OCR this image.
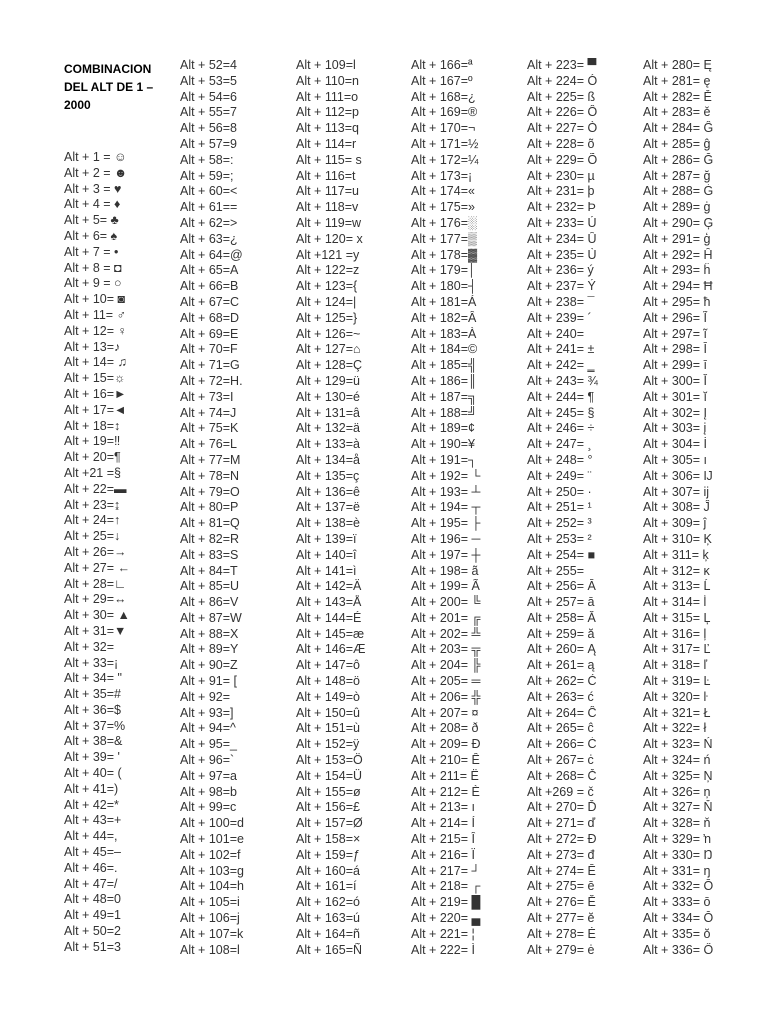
COMBINACION DEL ALT DE 1 – 2000
Alt + 1 = ☺
Alt + 2 = ☻
Alt + 3 = ♥
Alt + 4 = ♦
Alt + 5= ♣
Alt + 6= ♠
Alt + 7 = •
Alt + 8 = ◘
Alt + 9 = ○
Alt + 10= ◙
Alt + 11= ♂
Alt + 12= ♀
Alt + 13=♪
Alt + 14= ♫
Alt + 15=☼
Alt + 16=►
Alt + 17=◄
Alt + 18=↕
Alt + 19=‼
Alt + 20=¶
Alt +21 =§
Alt + 22=▬
Alt + 23=↨
Alt + 24=↑
Alt + 25=↓
Alt + 26=→
Alt + 27= ←
Alt + 28=∟
Alt + 29=↔
Alt + 30= ▲
Alt + 31=▼
Alt + 32=
Alt + 33=¡
Alt + 34= "
Alt + 35=#
Alt + 36=$
Alt + 37=%
Alt + 38=&
Alt + 39= '
Alt + 40= (
Alt + 41=)
Alt + 42=*
Alt + 43=+
Alt + 44=,
Alt + 45=–
Alt + 46=.
Alt + 47=/
Alt + 48=0
Alt + 49=1
Alt + 50=2
Alt + 51=3
Alt + 52=4
Alt + 53=5
Alt + 54=6
Alt + 55=7
Alt + 56=8
Alt + 57=9
Alt + 58=:
Alt + 59=;
Alt + 60=<
Alt + 61==
Alt + 62=>
Alt + 63=¿
Alt + 64=@
Alt + 65=A
Alt + 66=B
Alt + 67=C
Alt + 68=D
Alt + 69=E
Alt + 70=F
Alt + 71=G
Alt + 72=H.
Alt + 73=I
Alt + 74=J
Alt + 75=K
Alt + 76=L
Alt + 77=M
Alt + 78=N
Alt + 79=O
Alt + 80=P
Alt + 81=Q
Alt + 82=R
Alt + 83=S
Alt + 84=T
Alt + 85=U
Alt + 86=V
Alt + 87=W
Alt + 88=X
Alt + 89=Y
Alt + 90=Z
Alt + 91= [
Alt + 92=
Alt + 93=]
Alt + 94=^
Alt + 95=_
Alt + 96=`
Alt + 97=a
Alt + 98=b
Alt + 99=c
Alt + 100=d
Alt + 101=e
Alt + 102=f
Alt + 103=g
Alt + 104=h
Alt + 105=i
Alt + 106=j
Alt + 107=k
Alt + 108=l
Alt + 109=l
Alt + 110=n
Alt + 111=o
Alt + 112=p
Alt + 113=q
Alt + 114=r
Alt + 115= s
Alt + 116=t
Alt + 117=u
Alt + 118=v
Alt + 119=w
Alt + 120= x
Alt +121 =y
Alt + 122=z
Alt + 123={
Alt + 124=|
Alt + 125=}
Alt + 126=~
Alt + 127=⌂
Alt + 128=Ç
Alt + 129=ü
Alt + 130=é
Alt + 131=â
Alt + 132=ä
Alt + 133=à
Alt + 134=å
Alt + 135=ç
Alt + 136=ê
Alt + 137=ë
Alt + 138=è
Alt + 139=ï
Alt + 140=î
Alt + 141=ì
Alt + 142=Ä
Alt + 143=Å
Alt + 144=É
Alt + 145=æ
Alt + 146=Æ
Alt + 147=ô
Alt + 148=ö
Alt + 149=ò
Alt + 150=û
Alt + 151=ù
Alt + 152=ÿ
Alt + 153=Ö
Alt + 154=Ü
Alt + 155=ø
Alt + 156=£
Alt + 157=Ø
Alt + 158=×
Alt + 159=ƒ
Alt + 160=á
Alt + 161=í
Alt + 162=ó
Alt + 163=ú
Alt + 164=ñ
Alt + 165=Ñ
Alt + 166=ª
Alt + 167=º
Alt + 168=¿
Alt + 169=®
Alt + 170=¬
Alt + 171=½
Alt + 172=¼
Alt + 173=¡
Alt + 174=«
Alt + 175=»
Alt + 176=░
Alt + 177=▒
Alt + 178=▓
Alt + 179=│
Alt + 180=┤
Alt + 181=Á
Alt + 182=Â
Alt + 183=À
Alt + 184=©
Alt + 185=╣
Alt + 186=║
Alt + 187=╗
Alt + 188=╝
Alt + 189=¢
Alt + 190=¥
Alt + 191=┐
Alt + 192= └
Alt + 193= ┴
Alt + 194= ┬
Alt + 195= ├
Alt + 196= ─
Alt + 197= ┼
Alt + 198= ã
Alt + 199= Ã
Alt + 200= ╚
Alt + 201= ╔
Alt + 202= ╩
Alt + 203= ╦
Alt + 204= ╠
Alt + 205= ═
Alt + 206= ╬
Alt + 207= ¤
Alt + 208= ð
Alt + 209= Ð
Alt + 210= Ê
Alt + 211= Ë
Alt + 212= È
Alt + 213= ı
Alt + 214= Í
Alt + 215= Î
Alt + 216= Ï
Alt + 217= ┘
Alt + 218= ┌
Alt + 219= █
Alt + 220= ▄
Alt + 221= ¦
Alt + 222= Ì
Alt + 223= ▀
Alt + 224= Ó
Alt + 225= ß
Alt + 226= Ô
Alt + 227= Ò
Alt + 228= õ
Alt + 229= Õ
Alt + 230= µ
Alt + 231= þ
Alt + 232= Þ
Alt + 233= Ú
Alt + 234= Û
Alt + 235= Ù
Alt + 236= ý
Alt + 237= Ý
Alt + 238= ¯
Alt + 239= ´
Alt + 240=
Alt + 241= ±
Alt + 242= ‗
Alt + 243= ¾
Alt + 244= ¶
Alt + 245= §
Alt + 246= ÷
Alt + 247= ¸
Alt + 248= °
Alt + 249= ¨
Alt + 250= ·
Alt + 251= ¹
Alt + 252= ³
Alt + 253= ²
Alt + 254= ■
Alt + 255=
Alt + 256= Ā
Alt + 257= ā
Alt + 258= Ă
Alt + 259= ă
Alt + 260= Ą
Alt + 261= ą
Alt + 262= Ć
Alt + 263= ć
Alt + 264= Ĉ
Alt + 265= ĉ
Alt + 266= Ċ
Alt + 267= ċ
Alt + 268= Č
Alt +269 = č
Alt + 270= Ď
Alt + 271= ď
Alt + 272= Đ
Alt + 273= đ
Alt + 274= Ē
Alt + 275= ē
Alt + 276= Ĕ
Alt + 277= ĕ
Alt + 278= Ė
Alt + 279= ė
Alt + 280= Ę
Alt + 281= ę
Alt + 282= Ě
Alt + 283= ě
Alt + 284= Ĝ
Alt + 285= ĝ
Alt + 286= Ğ
Alt + 287= ğ
Alt + 288= Ġ
Alt + 289= ġ
Alt + 290= Ģ
Alt + 291= ģ
Alt + 292= Ĥ
Alt + 293= ĥ
Alt + 294= Ħ
Alt + 295= ħ
Alt + 296= Ĩ
Alt + 297= ĩ
Alt + 298= Ī
Alt + 299= ī
Alt + 300= Ĭ
Alt + 301= ĭ
Alt + 302= Į
Alt + 303= į
Alt + 304= İ
Alt + 305= ı
Alt + 306= Ĳ
Alt + 307= ĳ
Alt + 308= Ĵ
Alt + 309= ĵ
Alt + 310= Ķ
Alt + 311= ķ
Alt + 312= ĸ
Alt + 313= Ĺ
Alt + 314= ĺ
Alt + 315= Ļ
Alt + 316= ļ
Alt + 317= Ľ
Alt + 318= ľ
Alt + 319= Ŀ
Alt + 320= ŀ
Alt + 321= Ł
Alt + 322= ł
Alt + 323= Ń
Alt + 324= ń
Alt + 325= Ņ
Alt + 326= ņ
Alt + 327= Ň
Alt + 328= ň
Alt + 329= ŉ
Alt + 330= Ŋ
Alt + 331= ŋ
Alt + 332= Ō
Alt + 333= ō
Alt + 334= Ŏ
Alt + 335= ŏ
Alt + 336= Ő
